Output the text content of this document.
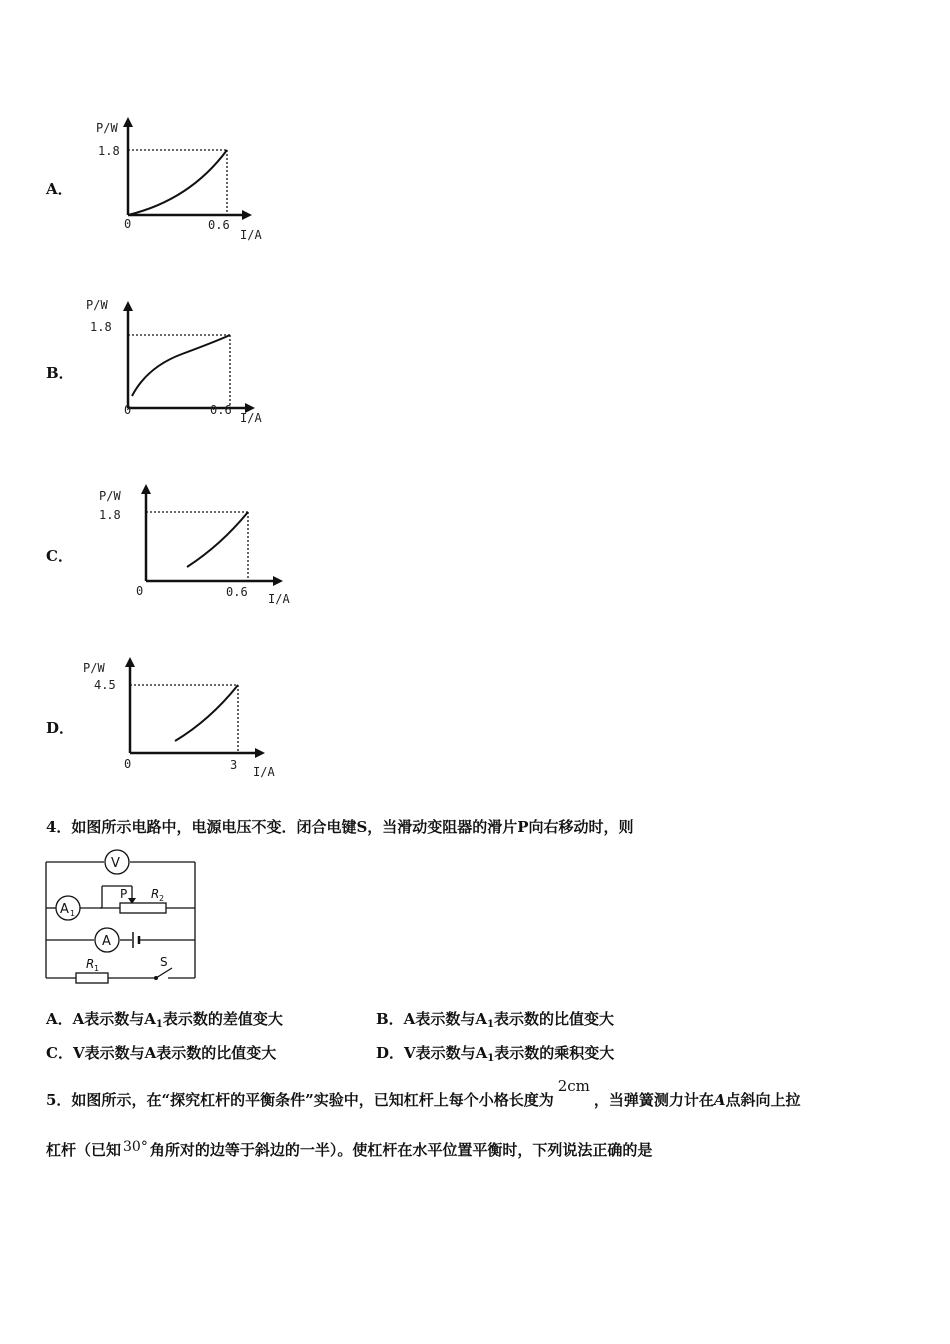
A．
P/W
1.8
0	0.6
I/A
B．
P/W
1.8
0	0.6
I/A
C．
P/W
1.8
0	0.6 I/A
D．
P/W
4.5
0	3 I/A
4．如图所示电路中，电源电压不变．闭合电键S，当滑动变阻器的滑片P向右移动时，则
V
A 1
P R 2
A
R 1	S
A．A表示数与$A_1$表示数的差值变大	B．A表示数与$A_1$表示数的比值变大
C．V表示数与A表示数的比值变大	D．V表示数与$A_1$表示数的乘积变大
5．如图所示，在“探究杠杆的平衡条件”实验中，已知杠杆上每个小格长度为2cm，当弹簧测力计在A点斜向上拉
杠杆（已知 30° 角所对的边等于斜边的一半）。使杠杆在水平位置平衡时，下列说法正确的是
